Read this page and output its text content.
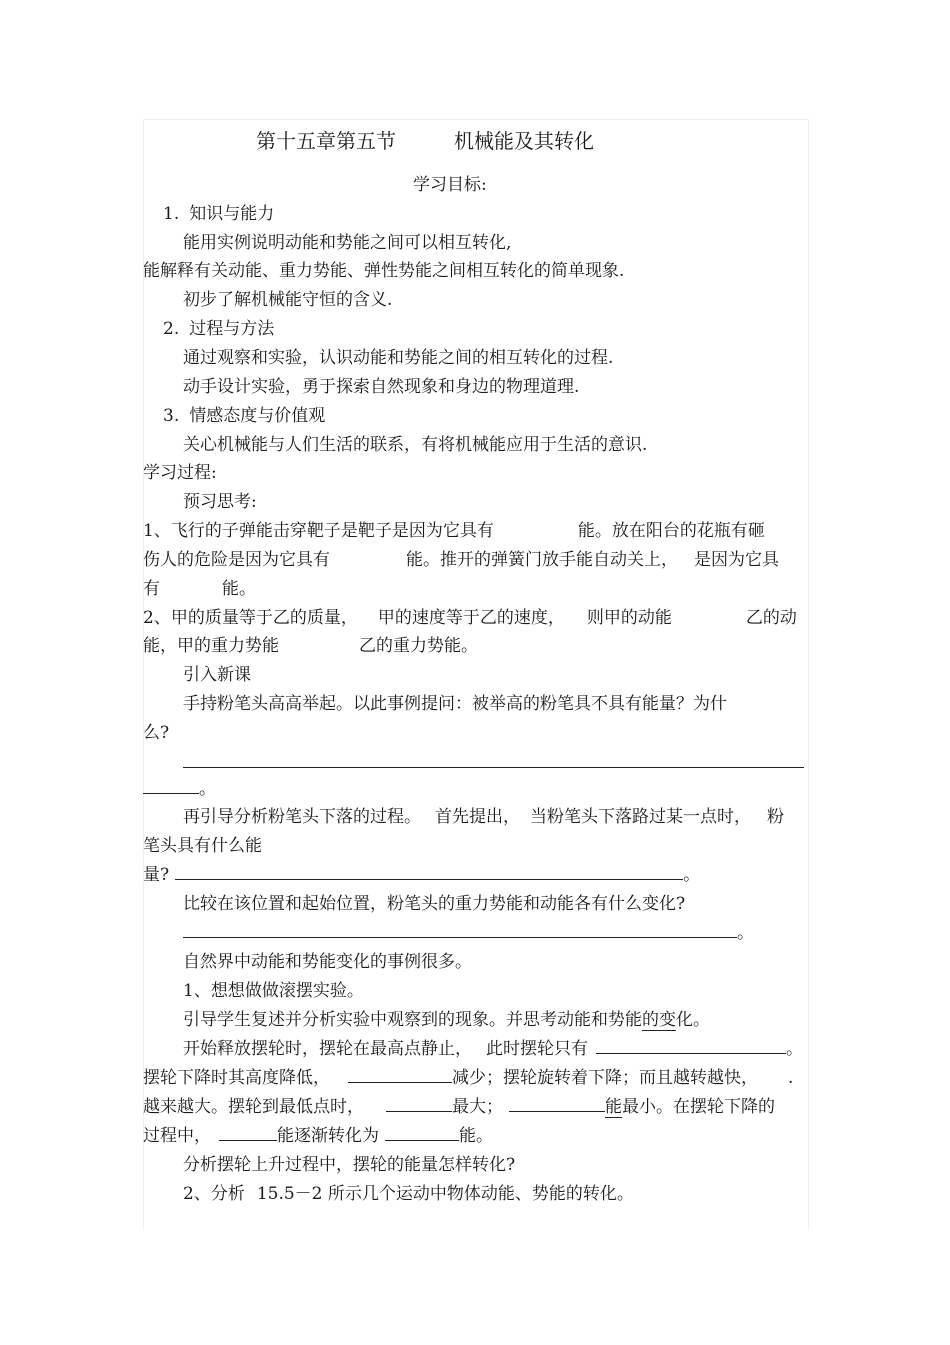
第十五章第五节	机械能及其转化
学习目标:
1. 知识与能力
能用实例说明动能和势能之间可以相互转化,
能解释有关动能、重力势能、弹性势能之间相互转化的简单现象.
初步了解机械能守恒的含义.
2. 过程与方法
通过观察和实验，认识动能和势能之间的相互转化的过程.
动手设计实验，勇于探索自然现象和身边的物理道理.
3. 情感态度与价值观
关心机械能与人们生活的联系，有将机械能应用于生活的意识.
学习过程:
预习思考:
1、飞行的子弹能击穿靶子是靶子是因为它具有	能。放在阳台的花瓶有砸
伤人的危险是因为它具有	能。推开的弹簧门放手能自动关上， 是因为它具
有	能。
2、甲的质量等于乙的质量， 甲的速度等于乙的速度， 则甲的动能	乙的动
能，甲的重力势能	乙的重力势能。
引入新课
手持粉笔头高高举起。以此事例提问：被举高的粉笔具不具有能量？为什
么?
。
再引导分析粉笔头下落的过程。 首先提出， 当粉笔头下落路过某一点时， 粉
笔头具有什么能
量?	。
比较在该位置和起始位置，粉笔头的重力势能和动能各有什么变化?
。
自然界中动能和势能变化的事例很多。
1、想想做做滚摆实验。
引导学生复述并分析实验中观察到的现象。并思考动能和势能的变化。
开始释放摆轮时，摆轮在最高点静止， 此时摆轮只有	。
摆轮下降时其高度降低，	减少；摆轮旋转着下降；而且越转越快， .
越来越大。摆轮到最低点时，	最大；	能最小。在摆轮下降的
过程中，	能逐渐转化为	能。
分析摆轮上升过程中，摆轮的能量怎样转化?
2、分析 15.5－2 所示几个运动中物体动能、势能的转化。
